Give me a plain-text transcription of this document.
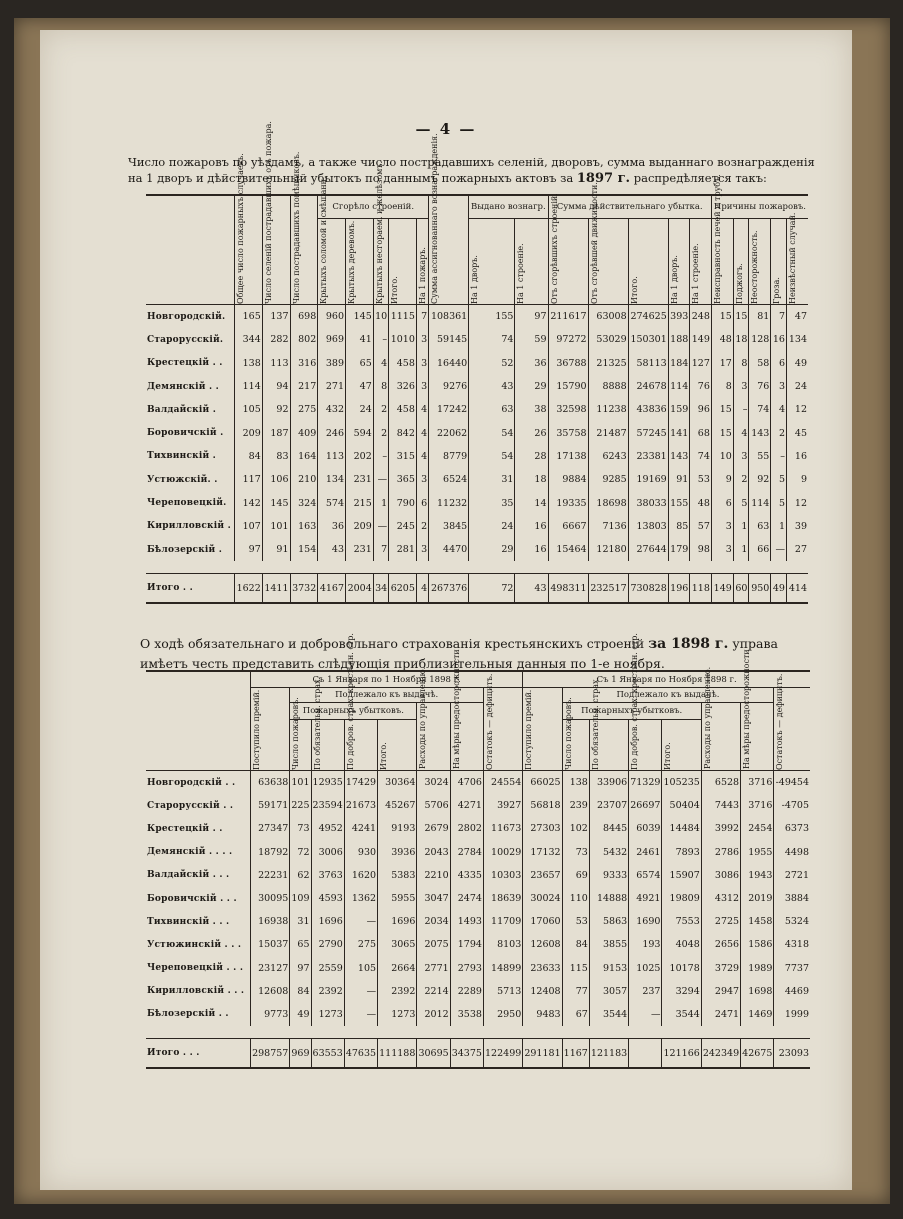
— 4 —
Число пожаровъ по уѣздамъ, а также число пострадавшихъ селеній, дворовъ, сумма выданнаго вознагражденія на 1 дворъ и дѣйствительный убытокъ по даннымъ пожарныхъ актовъ за 1897 г. распредѣляется такъ:

	Общее число пожарныхъ случаевъ.	Число селеній пострадавшихъ отъ пожара.	Число пострадавшихъ помѣщиковъ.	Сгорѣло строеній.					Сумма ассигнованнаго вознагражденія.	Выдано вознагр.		Сумма дѣйствительнаго убытка.					Причины пожаровъ.				

				Крытыхъ соломой и смѣшанн.	Крытыхъ деревомъ.	Крытыхъ несгораем. и желѣзомъ.	Итого.	На 1 пожаръ.		На 1 дворъ.	На 1 строеніе.	Отъ сгорѣвшихъ строеній.	Отъ сгорѣвшей движимости.	Итого.	На 1 дворъ.	На 1 строеніе.	Неисправность печей и трубъ.	Поджогъ.	Неосторожность.	Гроза.	Неизвѣстный случай.

Новгородскій.	165	137	698	960	145	10	1115	7	108361	155	97	211617	63008	274625	393	248	15	15	81	7	47
Старорусскій.	344	282	802	969	41	–	1010	3	59145	74	59	97272	53029	150301	188	149	48	18	128	16	134
Крестецкій . .	138	113	316	389	65	4	458	3	16440	52	36	36788	21325	58113	184	127	17	8	58	6	49
Демянскій . .	114	94	217	271	47	8	326	3	9276	43	29	15790	8888	24678	114	76	8	3	76	3	24
Валдайскій .	105	92	275	432	24	2	458	4	17242	63	38	32598	11238	43836	159	96	15	–	74	4	12
Боровичскій .	209	187	409	246	594	2	842	4	22062	54	26	35758	21487	57245	141	68	15	4	143	2	45
Тихвинскій .	84	83	164	113	202	–	315	4	8779	54	28	17138	6243	23381	143	74	10	3	55	–	16
Устюжскій. .	117	106	210	134	231	—	365	3	6524	31	18	9884	9285	19169	91	53	9	2	92	5	9
Череповецкій.	142	145	324	574	215	1	790	6	11232	35	14	19335	18698	38033	155	48	6	5	114	5	12
Кирилловскій .	107	101	163	36	209	—	245	2	3845	24	16	6667	7136	13803	85	57	3	1	63	1	39
Бѣлозерскій .	97	91	154	43	231	7	281	3	4470	29	16	15464	12180	27644	179	98	3	1	66	—	27

Итого . .	1622	1411	3732	4167	2004	34	6205	4	267376	72	43	498311	232517	730828	196	118	149	60	950	49	414
О ходѣ обязательнаго и добровольнаго страхованія крестьянскихъ строеній за 1898 г. управа имѣетъ честь представить слѣдующія приблизительныя данныя по 1-е ноября.
	Съ 1 Января по 1 Ноября 1898 г.								Съ 1 Января по Ноября 1898 г.							

	Поступило премій.	Подлежало къ выдачѣ.						Остатокъ — дефицитъ.	Поступило премій.	Подлежало къ выдачѣ.						Остатокъ — дефицитъ.

		Пожарныхъ убытковъ.				Расходы по управленію.	На мѣры предосторожности			Пожарныхъ убытковъ.				Расходы по управленію.	На мѣры предосторожности	

		Число пожаровъ.	По обязательн. страх.	По добров. страх. крестьян. стр.	Итого.					Число пожаровъ.	По обязательн. страх.	По добров. страх. крестьян. стр.	Итого.			

Новгородскій . .	63638	101	12935	17429	30364	3024	4706	24554	66025	138	33906	71329	105235	6528	3716	-49454
Старорусскій . .	59171	225	23594	21673	45267	5706	4271	3927	56818	239	23707	26697	50404	7443	3716	-4705
Крестецкій . .	27347	73	4952	4241	9193	2679	2802	11673	27303	102	8445	6039	14484	3992	2454	6373
Демянскій . . . .	18792	72	3006	930	3936	2043	2784	10029	17132	73	5432	2461	7893	2786	1955	4498
Валдайскій . . .	22231	62	3763	1620	5383	2210	4335	10303	23657	69	9333	6574	15907	3086	1943	2721
Боровичскій . . .	30095	109	4593	1362	5955	3047	2474	18639	30024	110	14888	4921	19809	4312	2019	3884
Тихвинскій . . .	16938	31	1696	—	1696	2034	1493	11709	17060	53	5863	1690	7553	2725	1458	5324
Устюжинскій . . .	15037	65	2790	275	3065	2075	1794	8103	12608	84	3855	193	4048	2656	1586	4318
Череповецкій . . .	23127	97	2559	105	2664	2771	2793	14899	23633	115	9153	1025	10178	3729	1989	7737
Кирилловскій . . .	12608	84	2392	—	2392	2214	2289	5713	12408	77	3057	237	3294	2947	1698	4469
Бѣлозерскій . .	9773	49	1273	—	1273	2012	3538	2950	9483	67	3544	—	3544	2471	1469	1999

Итого . . .	298757	969	63553	47635	111188	30695	34375	122499	291181	1167	121183		121166	242349	42675	23093
